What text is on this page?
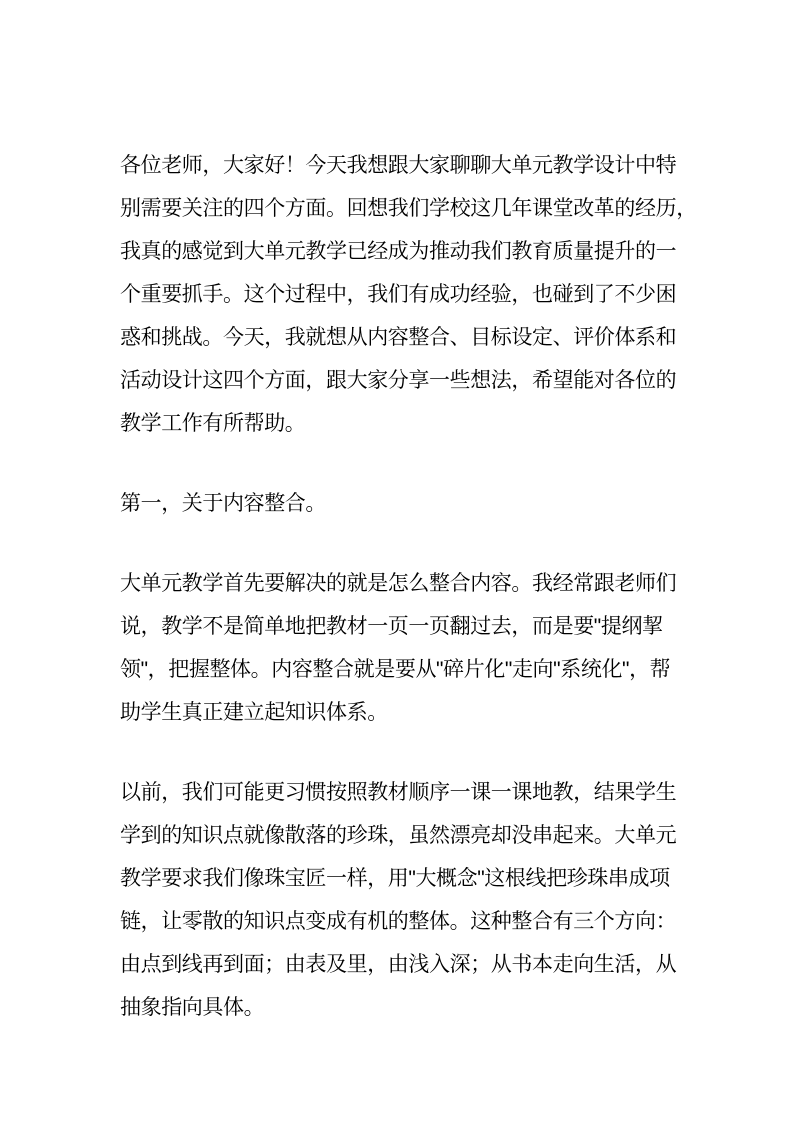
各位老师，大家好！今天我想跟大家聊聊大单元教学设计中特
别需要关注的四个方面。回想我们学校这几年课堂改革的经历，
我真的感觉到大单元教学已经成为推动我们教育质量提升的一
个重要抓手。这个过程中，我们有成功经验，也碰到了不少困
惑和挑战。今天，我就想从内容整合、目标设定、评价体系和
活动设计这四个方面，跟大家分享一些想法，希望能对各位的
教学工作有所帮助。
第一，关于内容整合。
大单元教学首先要解决的就是怎么整合内容。我经常跟老师们
说，教学不是简单地把教材一页一页翻过去，而是要"提纲挈
领"，把握整体。内容整合就是要从"碎片化"走向"系统化"，帮
助学生真正建立起知识体系。
以前，我们可能更习惯按照教材顺序一课一课地教，结果学生
学到的知识点就像散落的珍珠，虽然漂亮却没串起来。大单元
教学要求我们像珠宝匠一样，用"大概念"这根线把珍珠串成项
链，让零散的知识点变成有机的整体。这种整合有三个方向：
由点到线再到面；由表及里，由浅入深；从书本走向生活，从
抽象指向具体。
